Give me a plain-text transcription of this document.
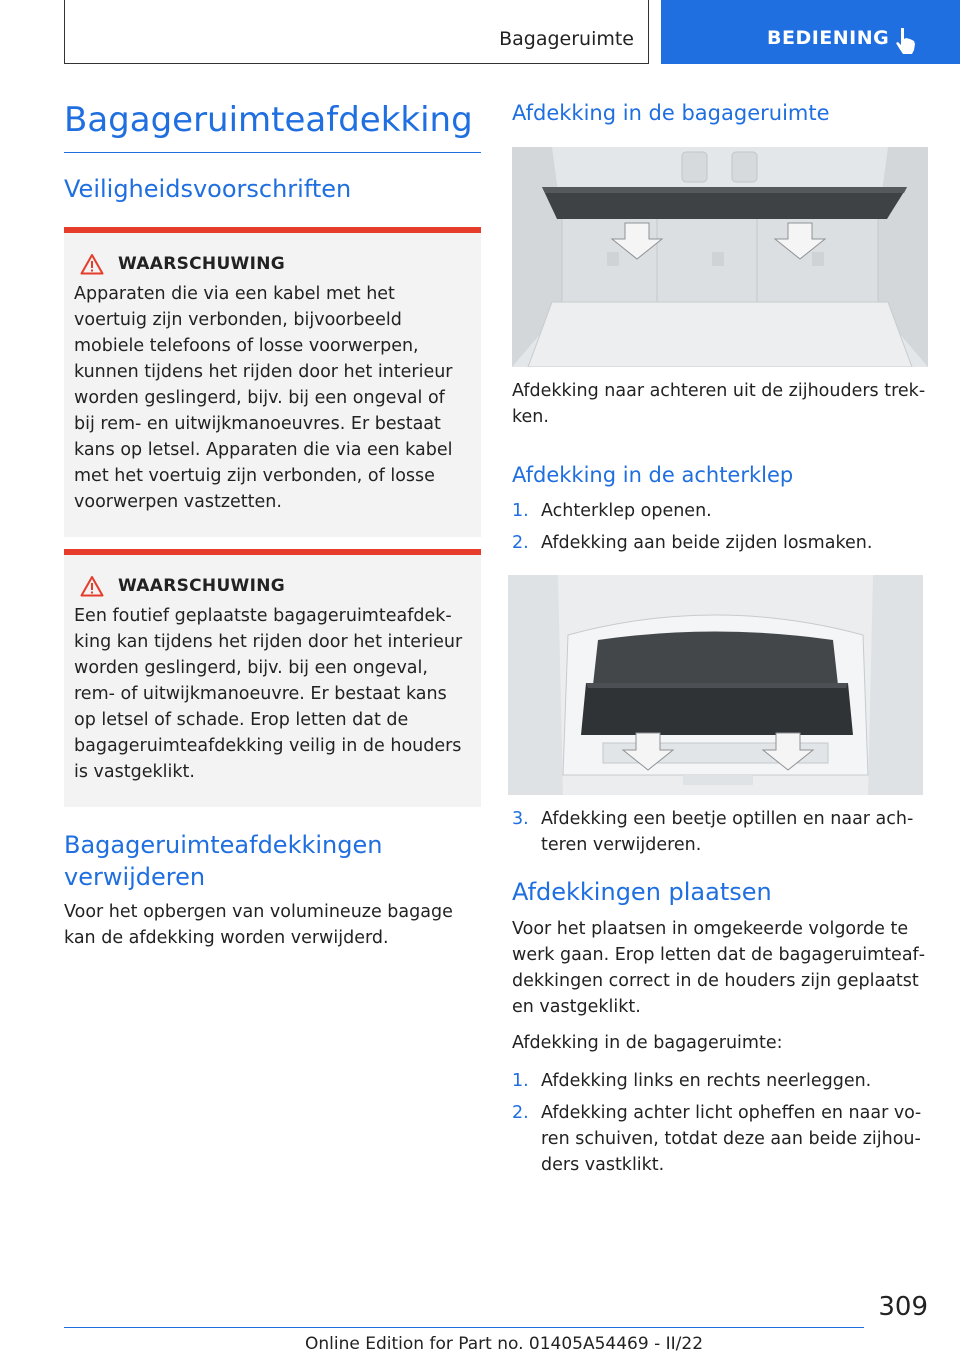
Bagageruimte	BEDIENING
Bagageruimteafdekking
Veiligheidsvoorschriften
WAARSCHUWING

Apparaten die via een kabel met het voertuig zijn verbonden, bijvoorbeeld mobiele telefoons of losse voorwerpen, kunnen tijdens het rijden door het interieur worden geslingerd, bijv. bij een ongeval of bij rem- en uitwijkmanoeuvres. Er bestaat kans op letsel. Apparaten die via een kabel met het voertuig zijn verbonden, of losse voorwerpen vastzetten.

WAARSCHUWING

Een foutief geplaatste bagageruimteafdekking kan tijdens het rijden door het interieur worden geslingerd, bijv. bij een ongeval, rem- of uitwijkmanoeuvre. Er bestaat kans op letsel of schade. Erop letten dat de bagageruimteafdekking veilig in de houders is vastgeklikt.

Bagageruimteafdekkingen verwijderen

Voor het opbergen van volumineuze bagage kan de afdekking worden verwijderd.

Afdekking in de bagageruimte

Afdekking naar achteren uit de zijhouders trekken.

Afdekking in de achterklep
1. Achterklep openen.
2. Afdekking aan beide zijden losmaken.
3. Afdekking een beetje optillen en naar achteren verwijderen.
Afdekkingen plaatsen

Voor het plaatsen in omgekeerde volgorde te werk gaan. Erop letten dat de bagageruimteafdekkingen correct in de houders zijn geplaatst en vastgeklikt.

Afdekking in de bagageruimte:

1. Afdekking links en rechts neerleggen.
2. Afdekking achter licht opheffen en naar voren schuiven, totdat deze aan beide zijhouders vastklikt.
309
Online Edition for Part no. 01405A54469 - II/22
